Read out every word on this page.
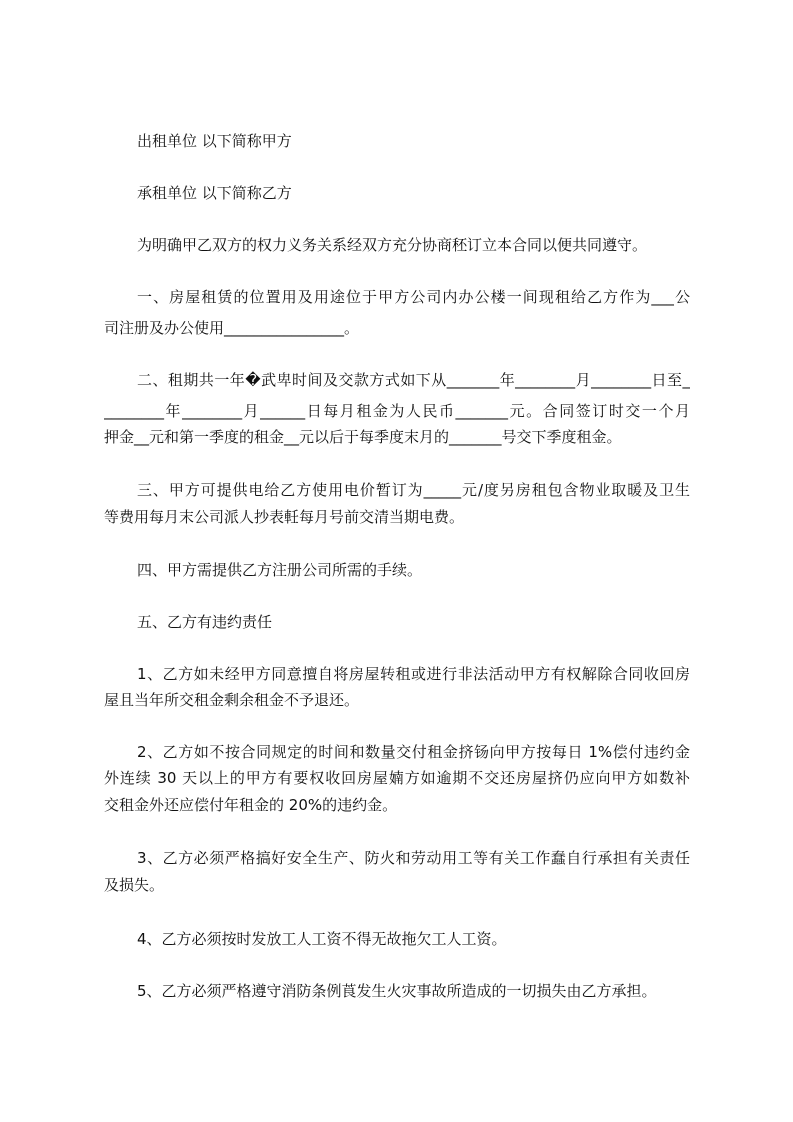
出租单位 以下简称甲方
承租单位 以下简称乙方
为明确甲乙双方的权力义务关系经双方充分协商秠订立本合同以便共同遵守。
一、房屋租赁的位置用及用途位于甲方公司内办公楼一间现租给乙方作为___公
司注册及办公使用________________。
二、租期共一年�武卑时间及交款方式如下从_______年________月________日至_
________年________月______日每月租金为人民币_______元。合同签订时交一个月
押金__元和第一季度的租金__元以后于每季度末月的_______号交下季度租金。
三、甲方可提供电给乙方使用电价暂订为_____元/度另房租包含物业取暖及卫生
等费用每月末公司派人抄表軠每月号前交清当期电费。
四、甲方需提供乙方注册公司所需的手续。
五、乙方有违约责任
1、乙方如未经甲方同意擅自将房屋转租或进行非法活动甲方有权解除合同收回房
屋且当年所交租金剩余租金不予退还。
2、乙方如不按合同规定的时间和数量交付租金挤钖向甲方按每日 1%偿付违约金
外连续 30 天以上的甲方有要权收回房屋婻方如逾期不交还房屋挤仍应向甲方如数补
交租金外还应偿付年租金的 20%的违约金。
3、乙方必须严格搞好安全生产、防火和劳动用工等有关工作蠢自行承担有关责任
及损失。
4、乙方必须按时发放工人工资不得无故拖欠工人工资。
5、乙方必须严格遵守消防条例莨发生火灾事故所造成的一切损失由乙方承担。
